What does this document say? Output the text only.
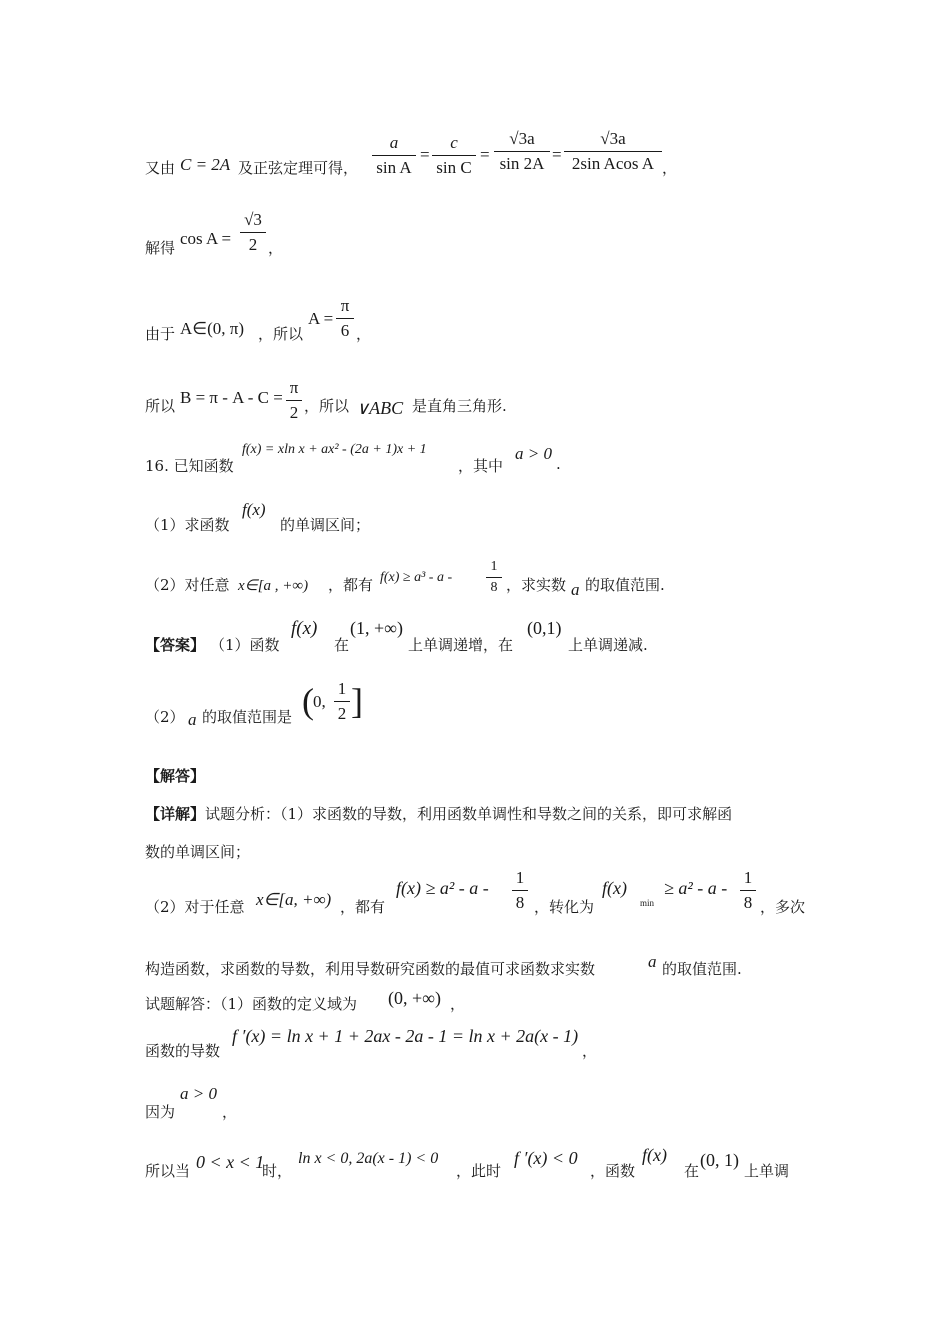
又由 C = 2A 及正弦定理可得，
a
sin A
=
c
sin C
=
√3a
sin 2A =
√3a
2sin Acos A ，
解得 cos A =
√3
2 ，
由于 A∈(0, π) ，所以
A =
π
6 ，
所以 B = π - A - C =
π
2 ，所以 ∨ABC 是直角三角形.
16. 已知函数
f(x) = xln x + ax² - (2a + 1)x + 1
，其中
a > 0
.
（1）求函数
f(x)
的单调区间；
（2）对任意 x∈[a , +∞) ，都有 f(x) ≥ a³ - a -
1
8 ，求实数 a 的取值范围.
【答案】 （1）函数
f(x)
在
(1, +∞)
上单调递增，在
(0,1)
上单调递减.
（2） a 的取值范围是 ( 0,
1
2 ]
【解答】
【详解】试题分析：（1）求函数的导数，利用函数单调性和导数之间的关系，即可求解函
数的单调区间；
（2）对于任意 x∈[a, +∞) ，都有
f(x) ≥ a² - a -
1
8 ，转化为
f(x)
min
≥ a² - a -
1
8 ，多次
构造函数，求函数的导数，利用导数研究函数的最值可求函数求实数	a 的取值范围.
试题解答：（1）函数的定义域为 (0, +∞) ，
函数的导数
f ′(x) = ln x + 1 + 2ax - 2a - 1 = ln x + 2a(x - 1)
，
因为
a > 0
，
所以当 0 < x < 1
时，
ln x < 0, 2a(x - 1) < 0
，此时
f ′(x) < 0
，函数
f(x)
在
(0, 1)
上单调
